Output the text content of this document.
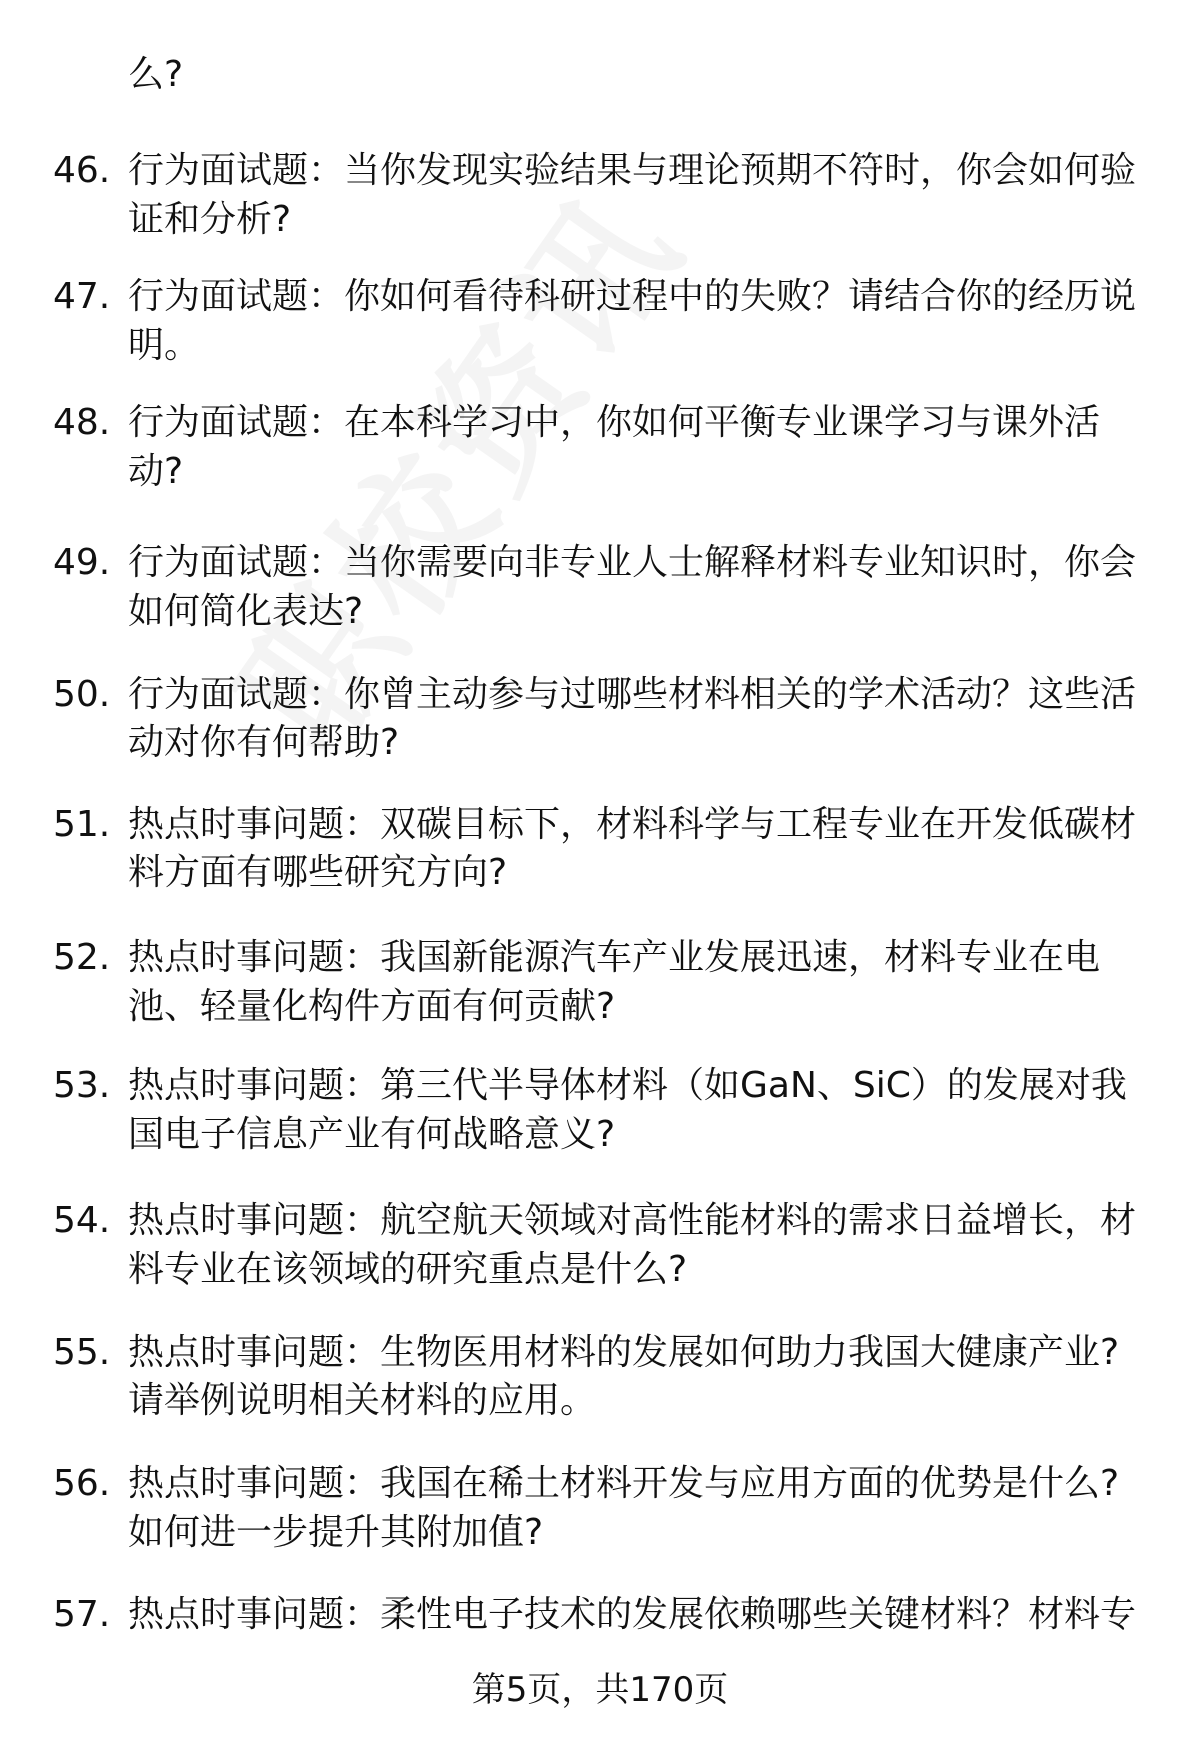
么?
46. 行为面试题：当你发现实验结果与理论预期不符时，你会如何验
证和分析?
47. 行为面试题：你如何看待科研过程中的失败？请结合你的经历说
明。
48. 行为面试题：在本科学习中，你如何平衡专业课学习与课外活
动?
49. 行为面试题：当你需要向非专业人士解释材料专业知识时，你会
如何简化表达?
50. 行为面试题：你曾主动参与过哪些材料相关的学术活动？这些活
动对你有何帮助?
51. 热点时事问题：双碳目标下，材料科学与工程专业在开发低碳材
料方面有哪些研究方向?
52. 热点时事问题：我国新能源汽车产业发展迅速，材料专业在电
池、轻量化构件方面有何贡献?
53. 热点时事问题：第三代半导体材料（如GaN、SiC）的发展对我
国电子信息产业有何战略意义?
54. 热点时事问题：航空航天领域对高性能材料的需求日益增长，材
料专业在该领域的研究重点是什么?
55. 热点时事问题：生物医用材料的发展如何助力我国大健康产业?
请举例说明相关材料的应用。
56. 热点时事问题：我国在稀土材料开发与应用方面的优势是什么?
如何进一步提升其附加值?
57. 热点时事问题：柔性电子技术的发展依赖哪些关键材料？材料专
第5页，共170页
